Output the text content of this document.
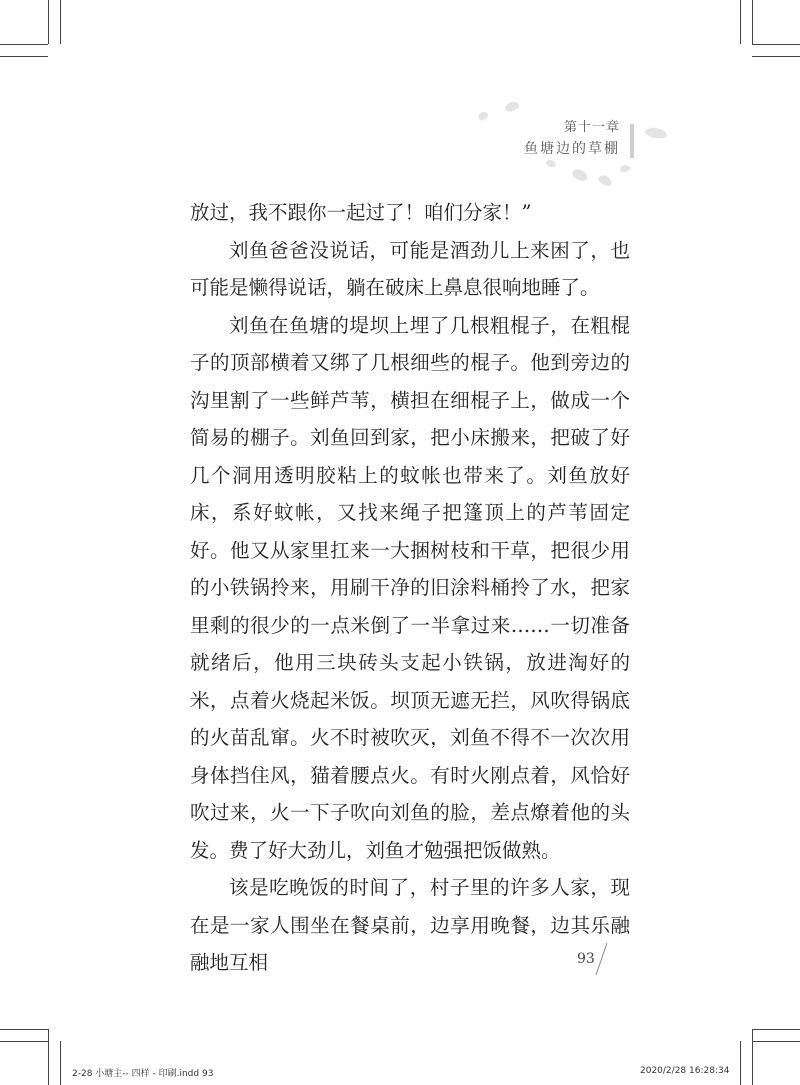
第十一章
鱼塘边的草棚

放过，我不跟你一起过了！咱们分家！”

刘鱼爸爸没说话，可能是酒劲儿上来困了，也可能是懒得说话，躺在破床上鼻息很响地睡了。

刘鱼在鱼塘的堤坝上埋了几根粗棍子，在粗棍子的顶部横着又绑了几根细些的棍子。他到旁边的沟里割了一些鲜芦苇，横担在细棍子上，做成一个简易的棚子。刘鱼回到家，把小床搬来，把破了好几个洞用透明胶粘上的蚊帐也带来了。刘鱼放好床，系好蚊帐，又找来绳子把篷顶上的芦苇固定好。他又从家里扛来一大捆树枝和干草，把很少用的小铁锅拎来，用刷干净的旧涂料桶拎了水，把家里剩的很少的一点米倒了一半拿过来……一切准备就绪后，他用三块砖头支起小铁锅，放进淘好的米，点着火烧起米饭。坝顶无遮无拦，风吹得锅底的火苗乱窜。火不时被吹灭，刘鱼不得不一次次用身体挡住风，猫着腰点火。有时火刚点着，风恰好吹过来，火一下子吹向刘鱼的脸，差点燎着他的头发。费了好大劲儿，刘鱼才勉强把饭做熟。

该是吃晚饭的时间了，村子里的许多人家，现在是一家人围坐在餐桌前，边享用晚餐，边其乐融融地互相	93
2-28 小塘主-- 四样 - 印刷.indd 93	2020/2/28 16:28:34
